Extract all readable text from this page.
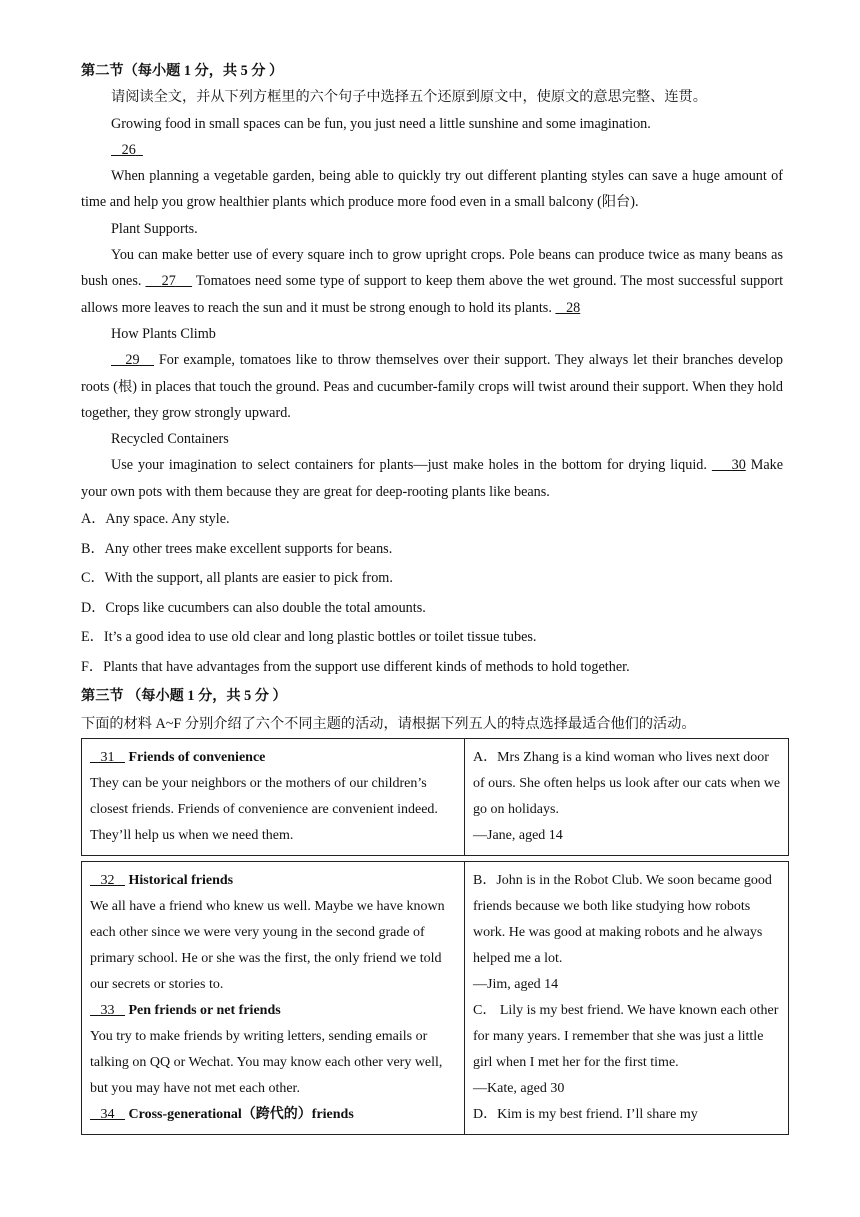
第二节（每小题 1 分，共 5 分 ）
请阅读全文，并从下列方框里的六个句子中选择五个还原到原文中，使原文的意思完整、连贯。
Growing food in small spaces can be fun, you just need a little sunshine and some imagination.
26
When planning a vegetable garden, being able to quickly try out different planting styles can save a huge amount of time and help you grow healthier plants which produce more food even in a small balcony (阳台).
Plant Supports.
You can make better use of every square inch to grow upright crops. Pole beans can produce twice as many beans as bush ones. 27 Tomatoes need some type of support to keep them above the wet ground. The most successful support allows more leaves to reach the sun and it must be strong enough to hold its plants. 28
How Plants Climb
29 For example, tomatoes like to throw themselves over their support. They always let their branches develop roots (根) in places that touch the ground. Peas and cucumber-family crops will twist around their support. When they hold together, they grow strongly upward.
Recycled Containers
Use your imagination to select containers for plants—just make holes in the bottom for drying liquid. 30 Make your own pots with them because they are great for deep-rooting plants like beans.
A．Any space. Any style.
B．Any other trees make excellent supports for beans.
C．With the support, all plants are easier to pick from.
D．Crops like cucumbers can also double the total amounts.
E．It’s a good idea to use old clear and long plastic bottles or toilet tissue tubes.
F．Plants that have advantages from the support use different kinds of methods to hold together.
第三节 （每小题 1 分，共 5 分 ）
下面的材料 A~F 分别介绍了六个不同主题的活动，请根据下列五人的特点选择最适合他们的活动。
31 Friends of convenience
They can be your neighbors or the mothers of our children’s closest friends. Friends of convenience are convenient indeed. They’ll help us when we need them.

A．Mrs Zhang is a kind woman who lives next door of ours. She often helps us look after our cats when we go on holidays.
—Jane, aged 14
32 Historical friends
We all have a friend who knew us well. Maybe we have known each other since we were very young in the second grade of primary school. He or she was the first, the only friend we told our secrets or stories to.
33 Pen friends or net friends
You try to make friends by writing letters, sending emails or talking on QQ or Wechat. You may know each other very well, but you may have not met each other.
34 Cross-generational（跨代的）friends

B．John is in the Robot Club. We soon became good friends because we both like studying how robots work. He was good at making robots and he always helped me a lot.
—Jim, aged 14
C． Lily is my best friend. We have known each other for many years. I remember that she was just a little girl when I met her for the first time.
—Kate, aged 30
D．Kim is my best friend. I’ll share my
